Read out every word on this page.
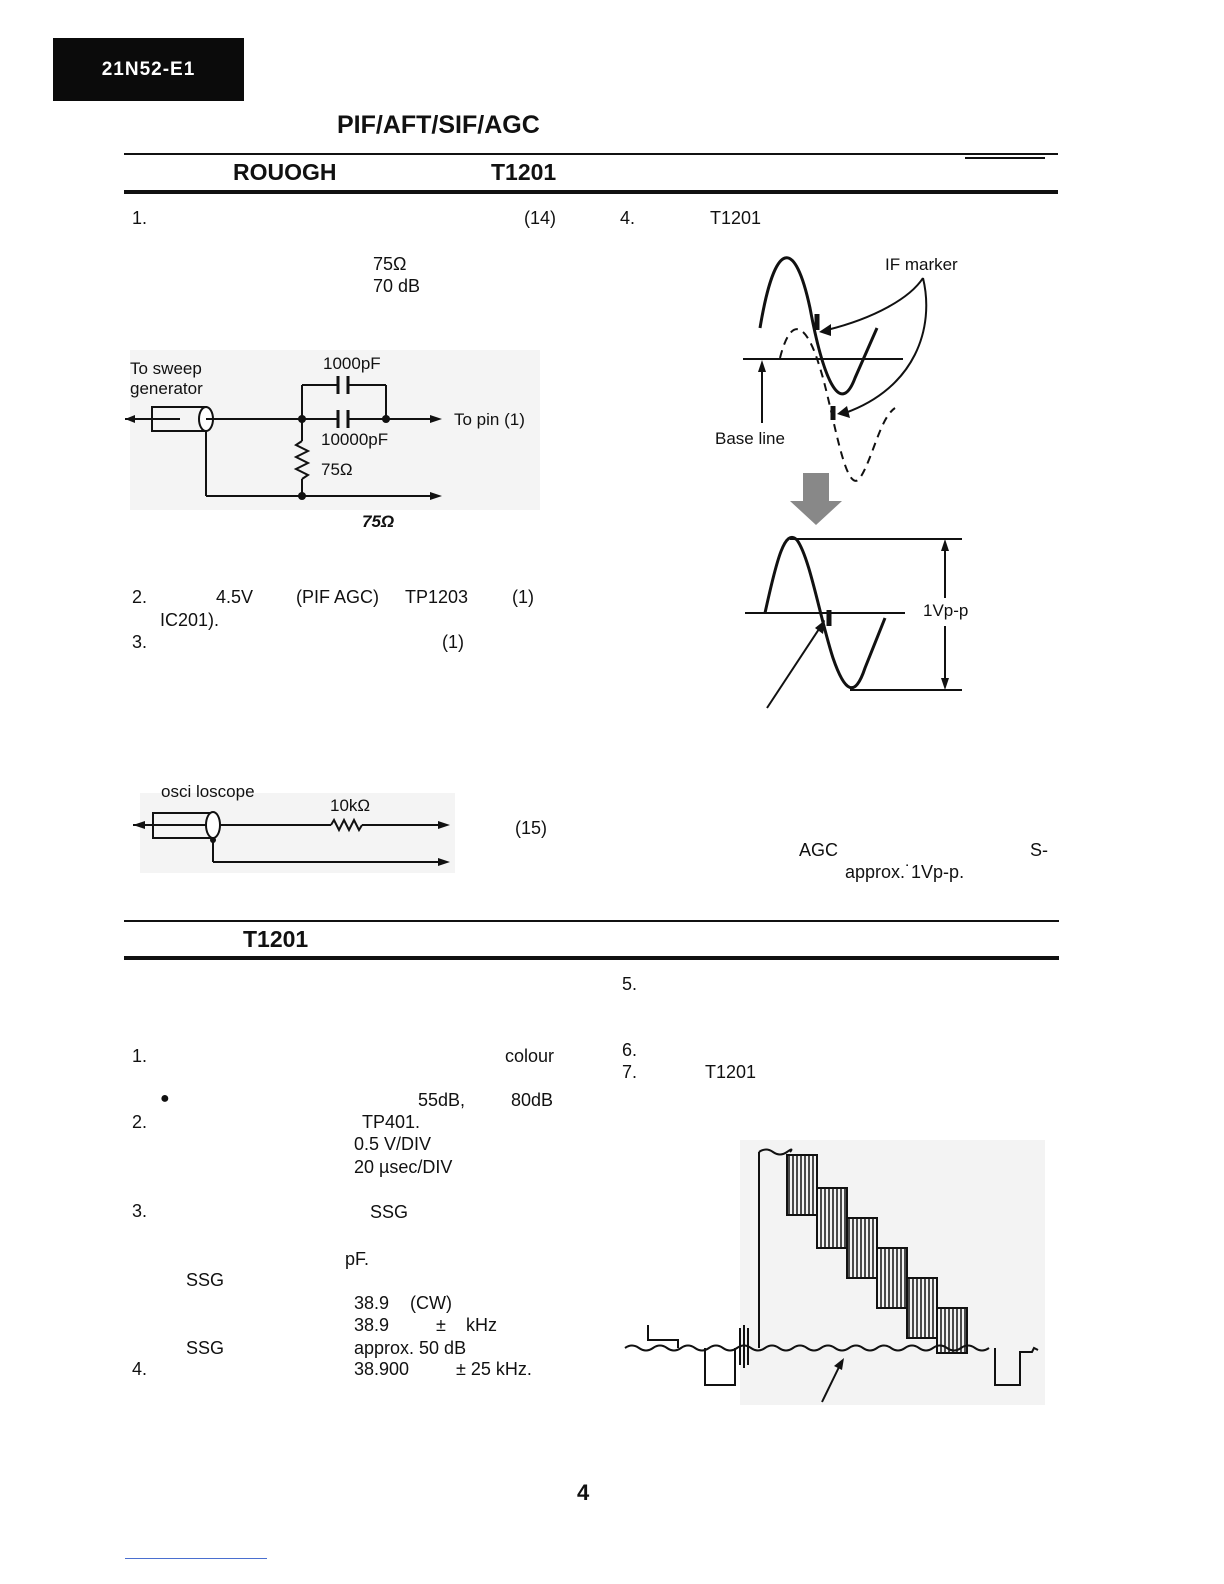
21N52-E1
PIF/AFT/SIF/AGC
ROUOGH	T1201
1.	(14)
75Ω
70 dB
To sweep
generator
1000pF
To pin (1)
10000pF
75Ω
75Ω
2.	4.5V (PIF AGC) TP1203 (1)
IC201).
3.	(1)
osci loscope
10kΩ
(15)
4.	T1201
IF marker
Base line
1Vp-p
AGC	S-
approx.˙1Vp-p.
T1201
1.	colour
●	55dB,	80dB
2.	TP401.
0.5 V/DIV
20 µsec/DIV
3.	SSG
pF.
SSG
38.9 (CW)
38.9	± kHz
SSG	approx. 50 dB
4.	38.900	± 25 kHz.
5.
6.
7.	T1201
4
